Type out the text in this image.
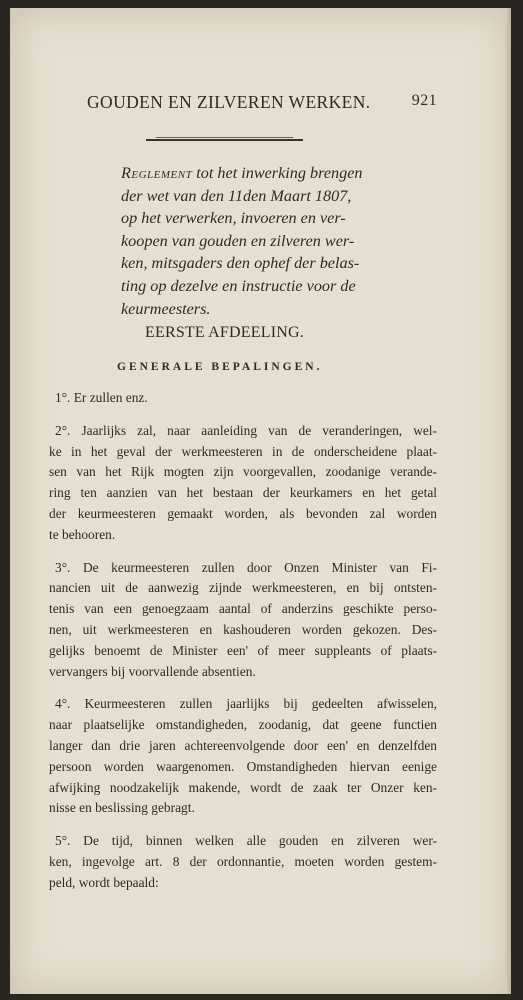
GOUDEN EN ZILVEREN WERKEN.	921
Reglement tot het inwerking brengen
der wet van den 11den Maart 1807,
op het verwerken, invoeren en ver-
koopen van gouden en zilveren wer-
ken, mitsgaders den ophef der belas-
ting op dezelve en instructie voor de
keurmeesters.
EERSTE AFDEELING.
GENERALE BEPALINGEN.
1°. Er zullen enz.
2°. Jaarlijks zal, naar aanleiding van de veranderingen, wel-
ke in het geval der werkmeesteren in de onderscheidene plaat-
sen van het Rijk mogten zijn voorgevallen, zoodanige verande-
ring ten aanzien van het bestaan der keurkamers en het getal
der keurmeesteren gemaakt worden, als bevonden zal worden
te behooren.
3°. De keurmeesteren zullen door Onzen Minister van Fi-
nancien uit de aanwezig zijnde werkmeesteren, en bij ontsten-
tenis van een genoegzaam aantal of anderzins geschikte perso-
nen, uit werkmeesteren en kashouderen worden gekozen. Des-
gelijks benoemt de Minister een' of meer suppleants of plaats-
vervangers bij voorvallende absentien.
4°. Keurmeesteren zullen jaarlijks bij gedeelten afwisselen,
naar plaatselijke omstandigheden, zoodanig, dat geene functien
langer dan drie jaren achtereenvolgende door een' en denzelfden
persoon worden waargenomen. Omstandigheden hiervan eenige
afwijking noodzakelijk makende, wordt de zaak ter Onzer ken-
nisse en beslissing gebragt.
5°. De tijd, binnen welken alle gouden en zilveren wer-
ken, ingevolge art. 8 der ordonnantie, moeten worden gestem-
peld, wordt bepaald:
